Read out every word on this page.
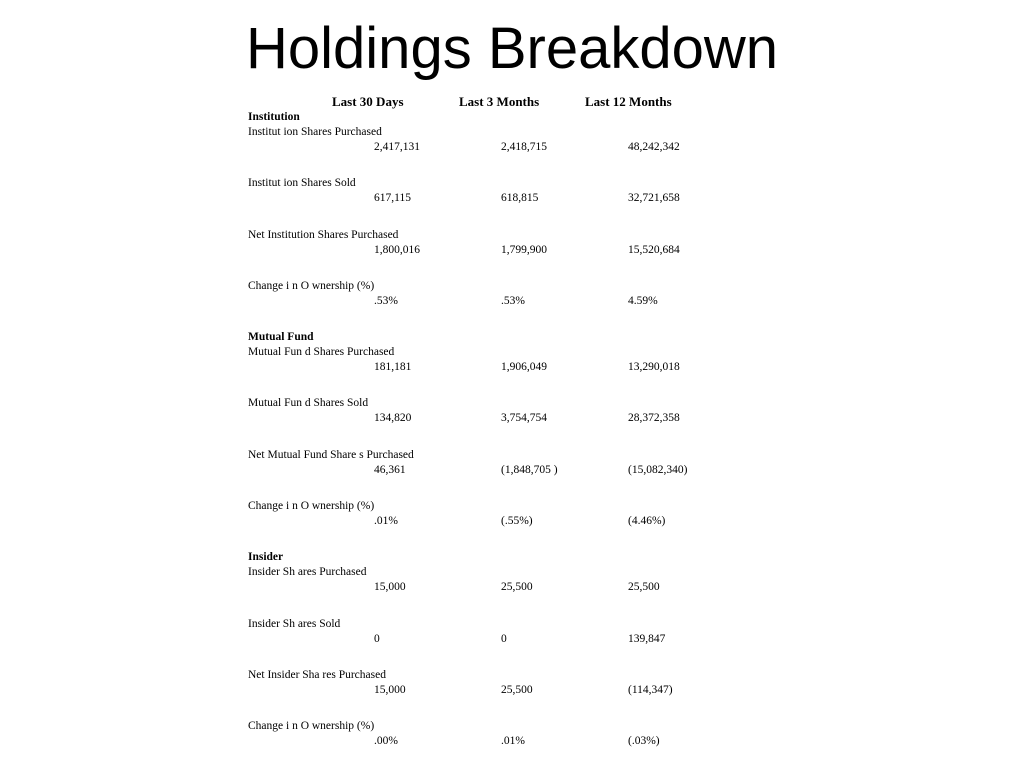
Holdings Breakdown
Last 30 Days	Last 3 Months	Last 12 Months
Institution
Institut ion Shares Purchased
2,417,131	2,418,715	48,242,342
Institut ion Shares Sold
617,115	618,815	32,721,658
Net Institution Shares Purchased
1,800,016	1,799,900	15,520,684
Change i n O wnership (%)
.53%	.53%	4.59%
Mutual Fund
Mutual Fun d Shares Purchased
181,181	1,906,049	13,290,018
Mutual Fun d Shares Sold
134,820	3,754,754	28,372,358
Net Mutual Fund Share s Purchased
46,361	(1,848,705 )	(15,082,340)
Change i n O wnership (%)
.01%	(.55%)	(4.46%)
Insider
Insider Sh ares Purchased
15,000	25,500	25,500
Insider Sh ares Sold
0	0	139,847
Net Insider Sha res Purchased
15,000	25,500	(114,347)
Change i n O wnership (%)
.00%	.01%	(.03%)
